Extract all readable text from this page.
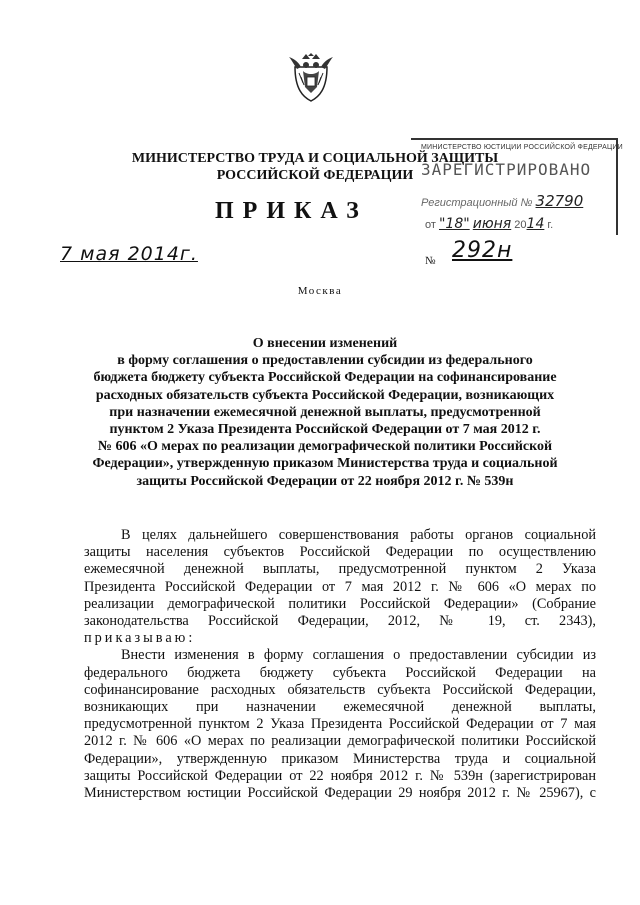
МИНИСТЕРСТВО ТРУДА И СОЦИАЛЬНОЙ ЗАЩИТЫ
РОССИЙСКОЙ ФЕДЕРАЦИИ
ПРИКАЗ
МИНИСТЕРСТВО ЮСТИЦИИ РОССИЙСКОЙ ФЕДЕРАЦИИ
ЗАРЕГИСТРИРОВАНО
Регистрационный № 32790
от "18" июня 2014 г.
7 мая 2014г.	№ 292н
Москва
О внесении изменений
в форму соглашения о предоставлении субсидии из федерального
бюджета бюджету субъекта Российской Федерации на софинансирование
расходных обязательств субъекта Российской Федерации, возникающих
при назначении ежемесячной денежной выплаты, предусмотренной
пунктом 2 Указа Президента Российской Федерации от 7 мая 2012 г.
№ 606 «О мерах по реализации демографической политики Российской
Федерации», утвержденную приказом Министерства труда и социальной
защиты Российской Федерации от 22 ноября 2012 г. № 539н
В целях дальнейшего совершенствования работы органов социальной
защиты населения субъектов Российской Федерации по осуществлению
ежемесячной денежной выплаты, предусмотренной пунктом 2 Указа
Президента Российской Федерации от 7 мая 2012 г. № 606 «О мерах по
реализации демографической политики Российской Федерации» (Собрание
законодательства Российской Федерации, 2012, № 19, ст. 2343),
приказываю:
Внести изменения в форму соглашения о предоставлении субсидии из
федерального бюджета бюджету субъекта Российской Федерации на
софинансирование расходных обязательств субъекта Российской Федерации,
возникающих при назначении ежемесячной денежной выплаты,
предусмотренной пунктом 2 Указа Президента Российской Федерации от 7 мая
2012 г. № 606 «О мерах по реализации демографической политики Российской
Федерации», утвержденную приказом Министерства труда и социальной
защиты Российской Федерации от 22 ноября 2012 г. № 539н (зарегистрирован
Министерством юстиции Российской Федерации 29 ноября 2012 г. № 25967), с
